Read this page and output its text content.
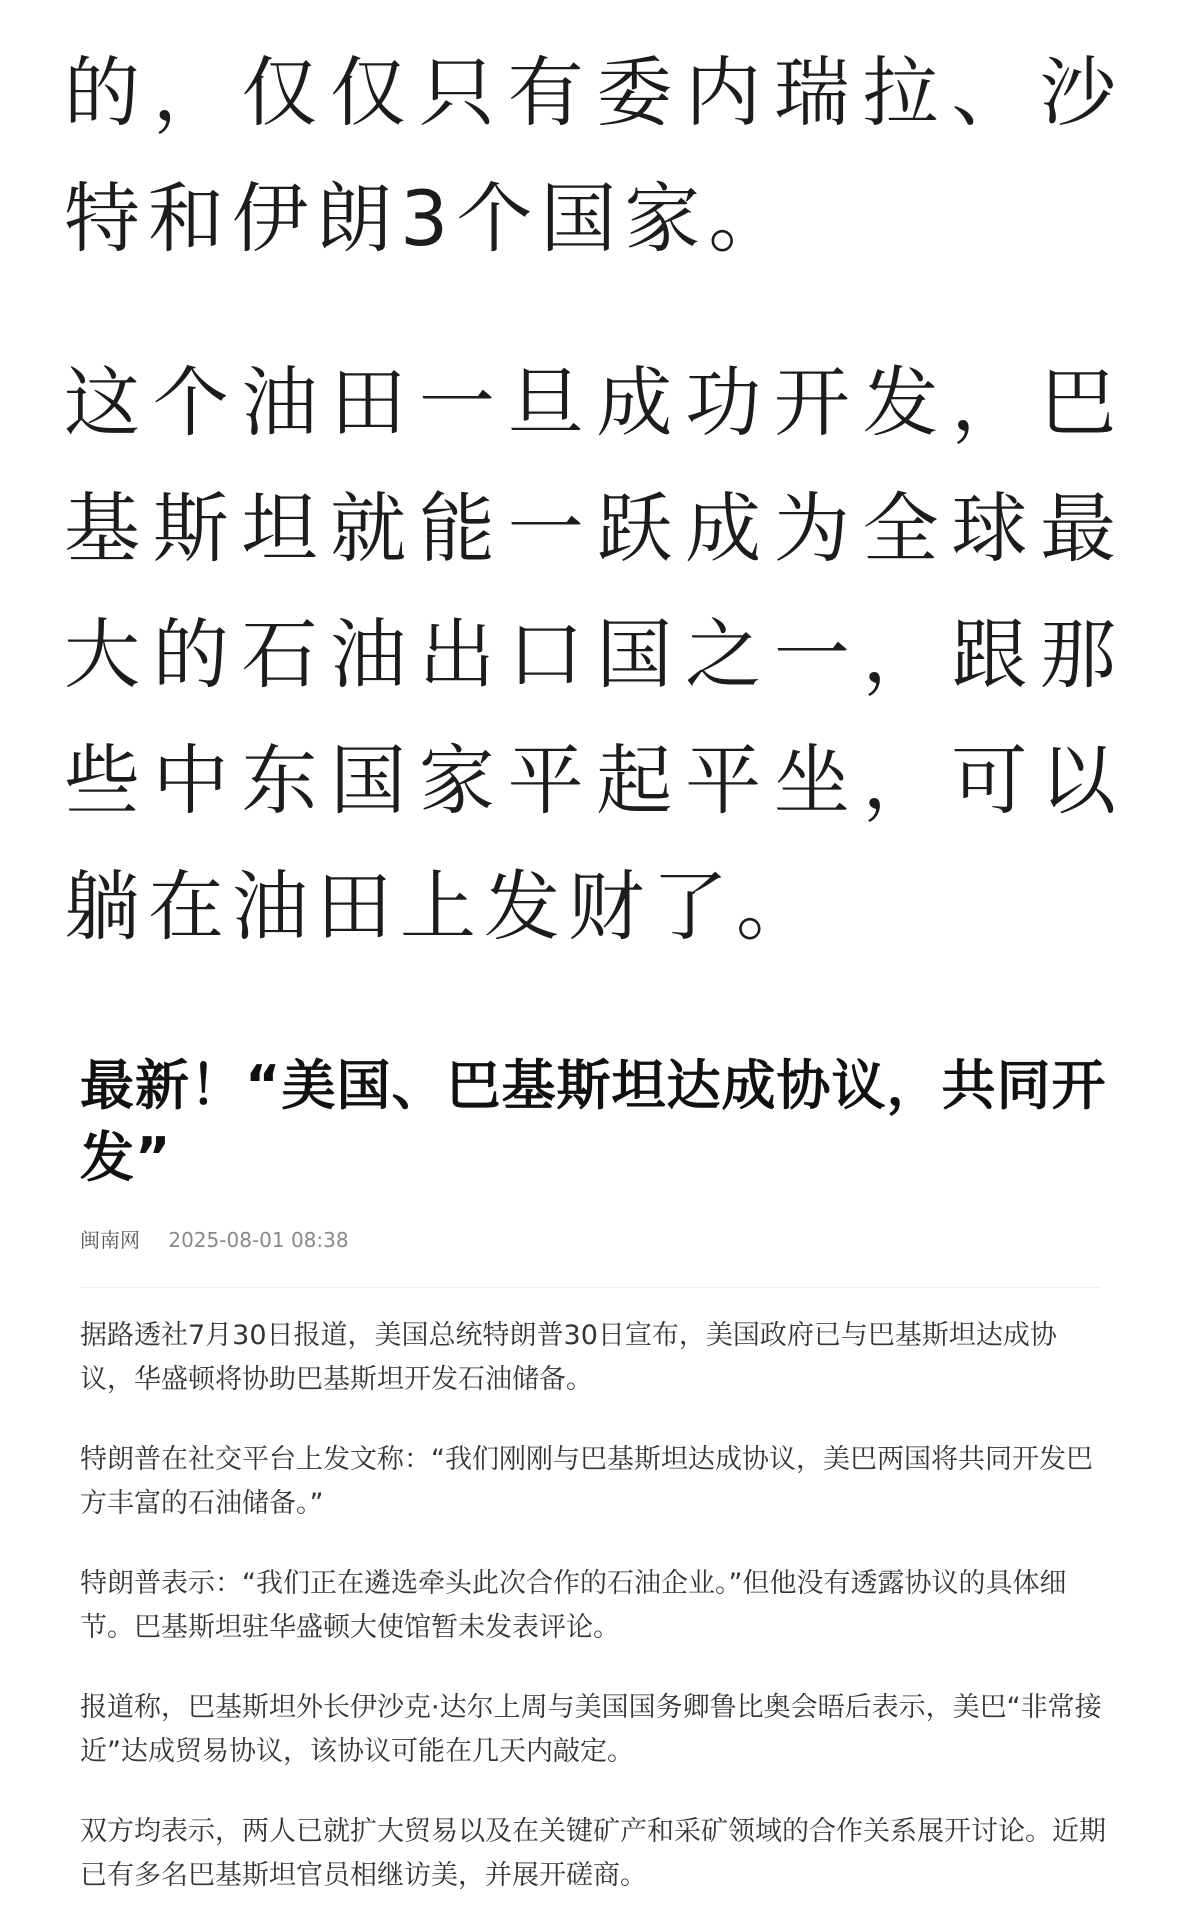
的，仅仅只有委内瑞拉、沙特和伊朗3个国家。

这个油田一旦成功开发，巴基斯坦就能一跃成为全球最大的石油出口国之一，跟那些中东国家平起平坐，可以躺在油田上发财了。

最新！“美国、巴基斯坦达成协议，共同开发”
闽南网 2025-08-01 08:38

据路透社7月30日报道，美国总统特朗普30日宣布，美国政府已与巴基斯坦达成协议，华盛顿将协助巴基斯坦开发石油储备。

特朗普在社交平台上发文称：“我们刚刚与巴基斯坦达成协议，美巴两国将共同开发巴方丰富的石油储备。”

特朗普表示：“我们正在遴选牵头此次合作的石油企业。”但他没有透露协议的具体细节。巴基斯坦驻华盛顿大使馆暂未发表评论。

报道称，巴基斯坦外长伊沙克·达尔上周与美国国务卿鲁比奥会晤后表示，美巴“非常接近”达成贸易协议，该协议可能在几天内敲定。

双方均表示，两人已就扩大贸易以及在关键矿产和采矿领域的合作关系展开讨论。近期已有多名巴基斯坦官员相继访美，并展开磋商。
